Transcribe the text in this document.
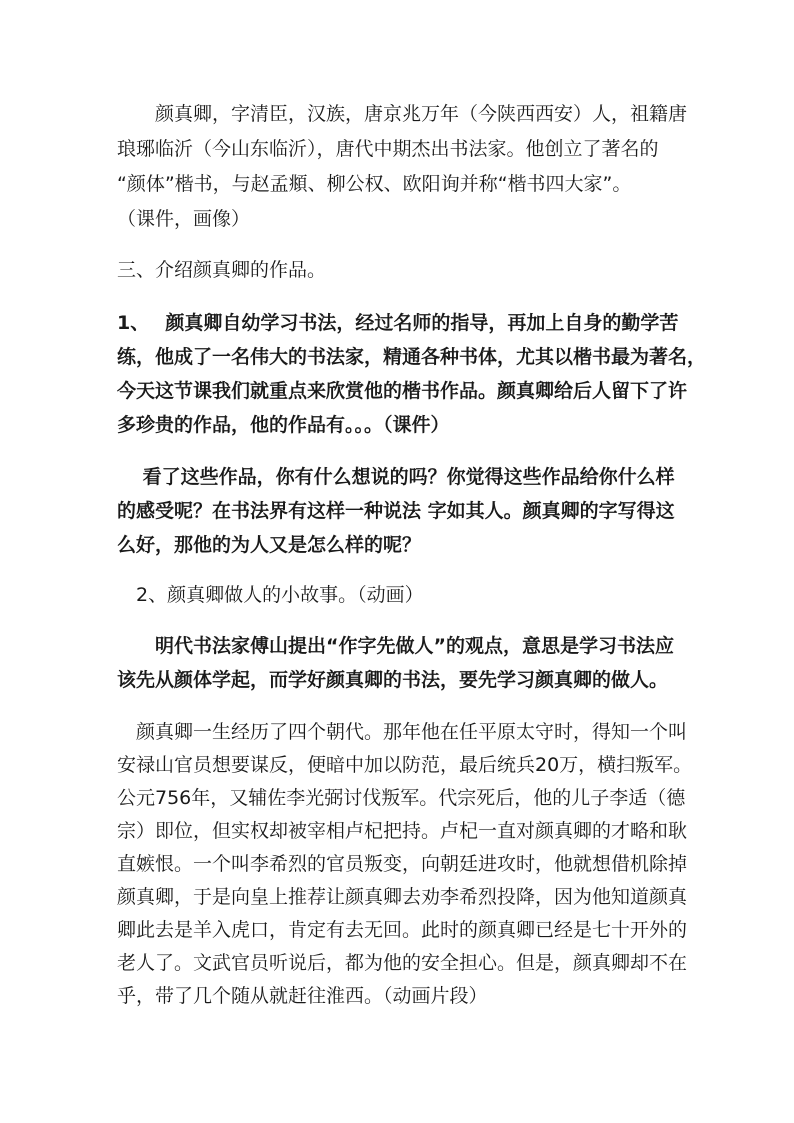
　　颜真卿，字清臣，汉族，唐京兆万年（今陕西西安）人，祖籍唐
琅琊临沂（今山东临沂），唐代中期杰出书法家。他创立了著名的
“颜体”楷书，与赵孟頫、柳公权、欧阳询并称“楷书四大家”。
（课件，画像）
三、介绍颜真卿的作品。
1、　 颜真卿自幼学习书法，经过名师的指导，再加上自身的勤学苦
练，他成了一名伟大的书法家，精通各种书体，尤其以楷书最为著名，
今天这节课我们就重点来欣赏他的楷书作品。颜真卿给后人留下了许
多珍贵的作品，他的作品有。。。（课件）
　 看了这些作品，你有什么想说的吗？你觉得这些作品给你什么样
的感受呢？在书法界有这样一种说法 字如其人。颜真卿的字写得这
么好，那他的为人又是怎么样的呢？
　2、颜真卿做人的小故事。（动画）
　　明代书法家傅山提出“作字先做人”的观点，意思是学习书法应
该先从颜体学起，而学好颜真卿的书法，要先学习颜真卿的做人。
　颜真卿一生经历了四个朝代。那年他在任平原太守时，得知一个叫
安禄山官员想要谋反，便暗中加以防范，最后统兵20万，横扫叛军。
公元756年，又辅佐李光弼讨伐叛军。代宗死后，他的儿子李适（德
宗）即位，但实权却被宰相卢杞把持。卢杞一直对颜真卿的才略和耿
直嫉恨。一个叫李希烈的官员叛变，向朝廷进攻时，他就想借机除掉
颜真卿，于是向皇上推荐让颜真卿去劝李希烈投降，因为他知道颜真
卿此去是羊入虎口，肯定有去无回。此时的颜真卿已经是七十开外的
老人了。文武官员听说后，都为他的安全担心。但是，颜真卿却不在
乎，带了几个随从就赶往淮西。（动画片段）
